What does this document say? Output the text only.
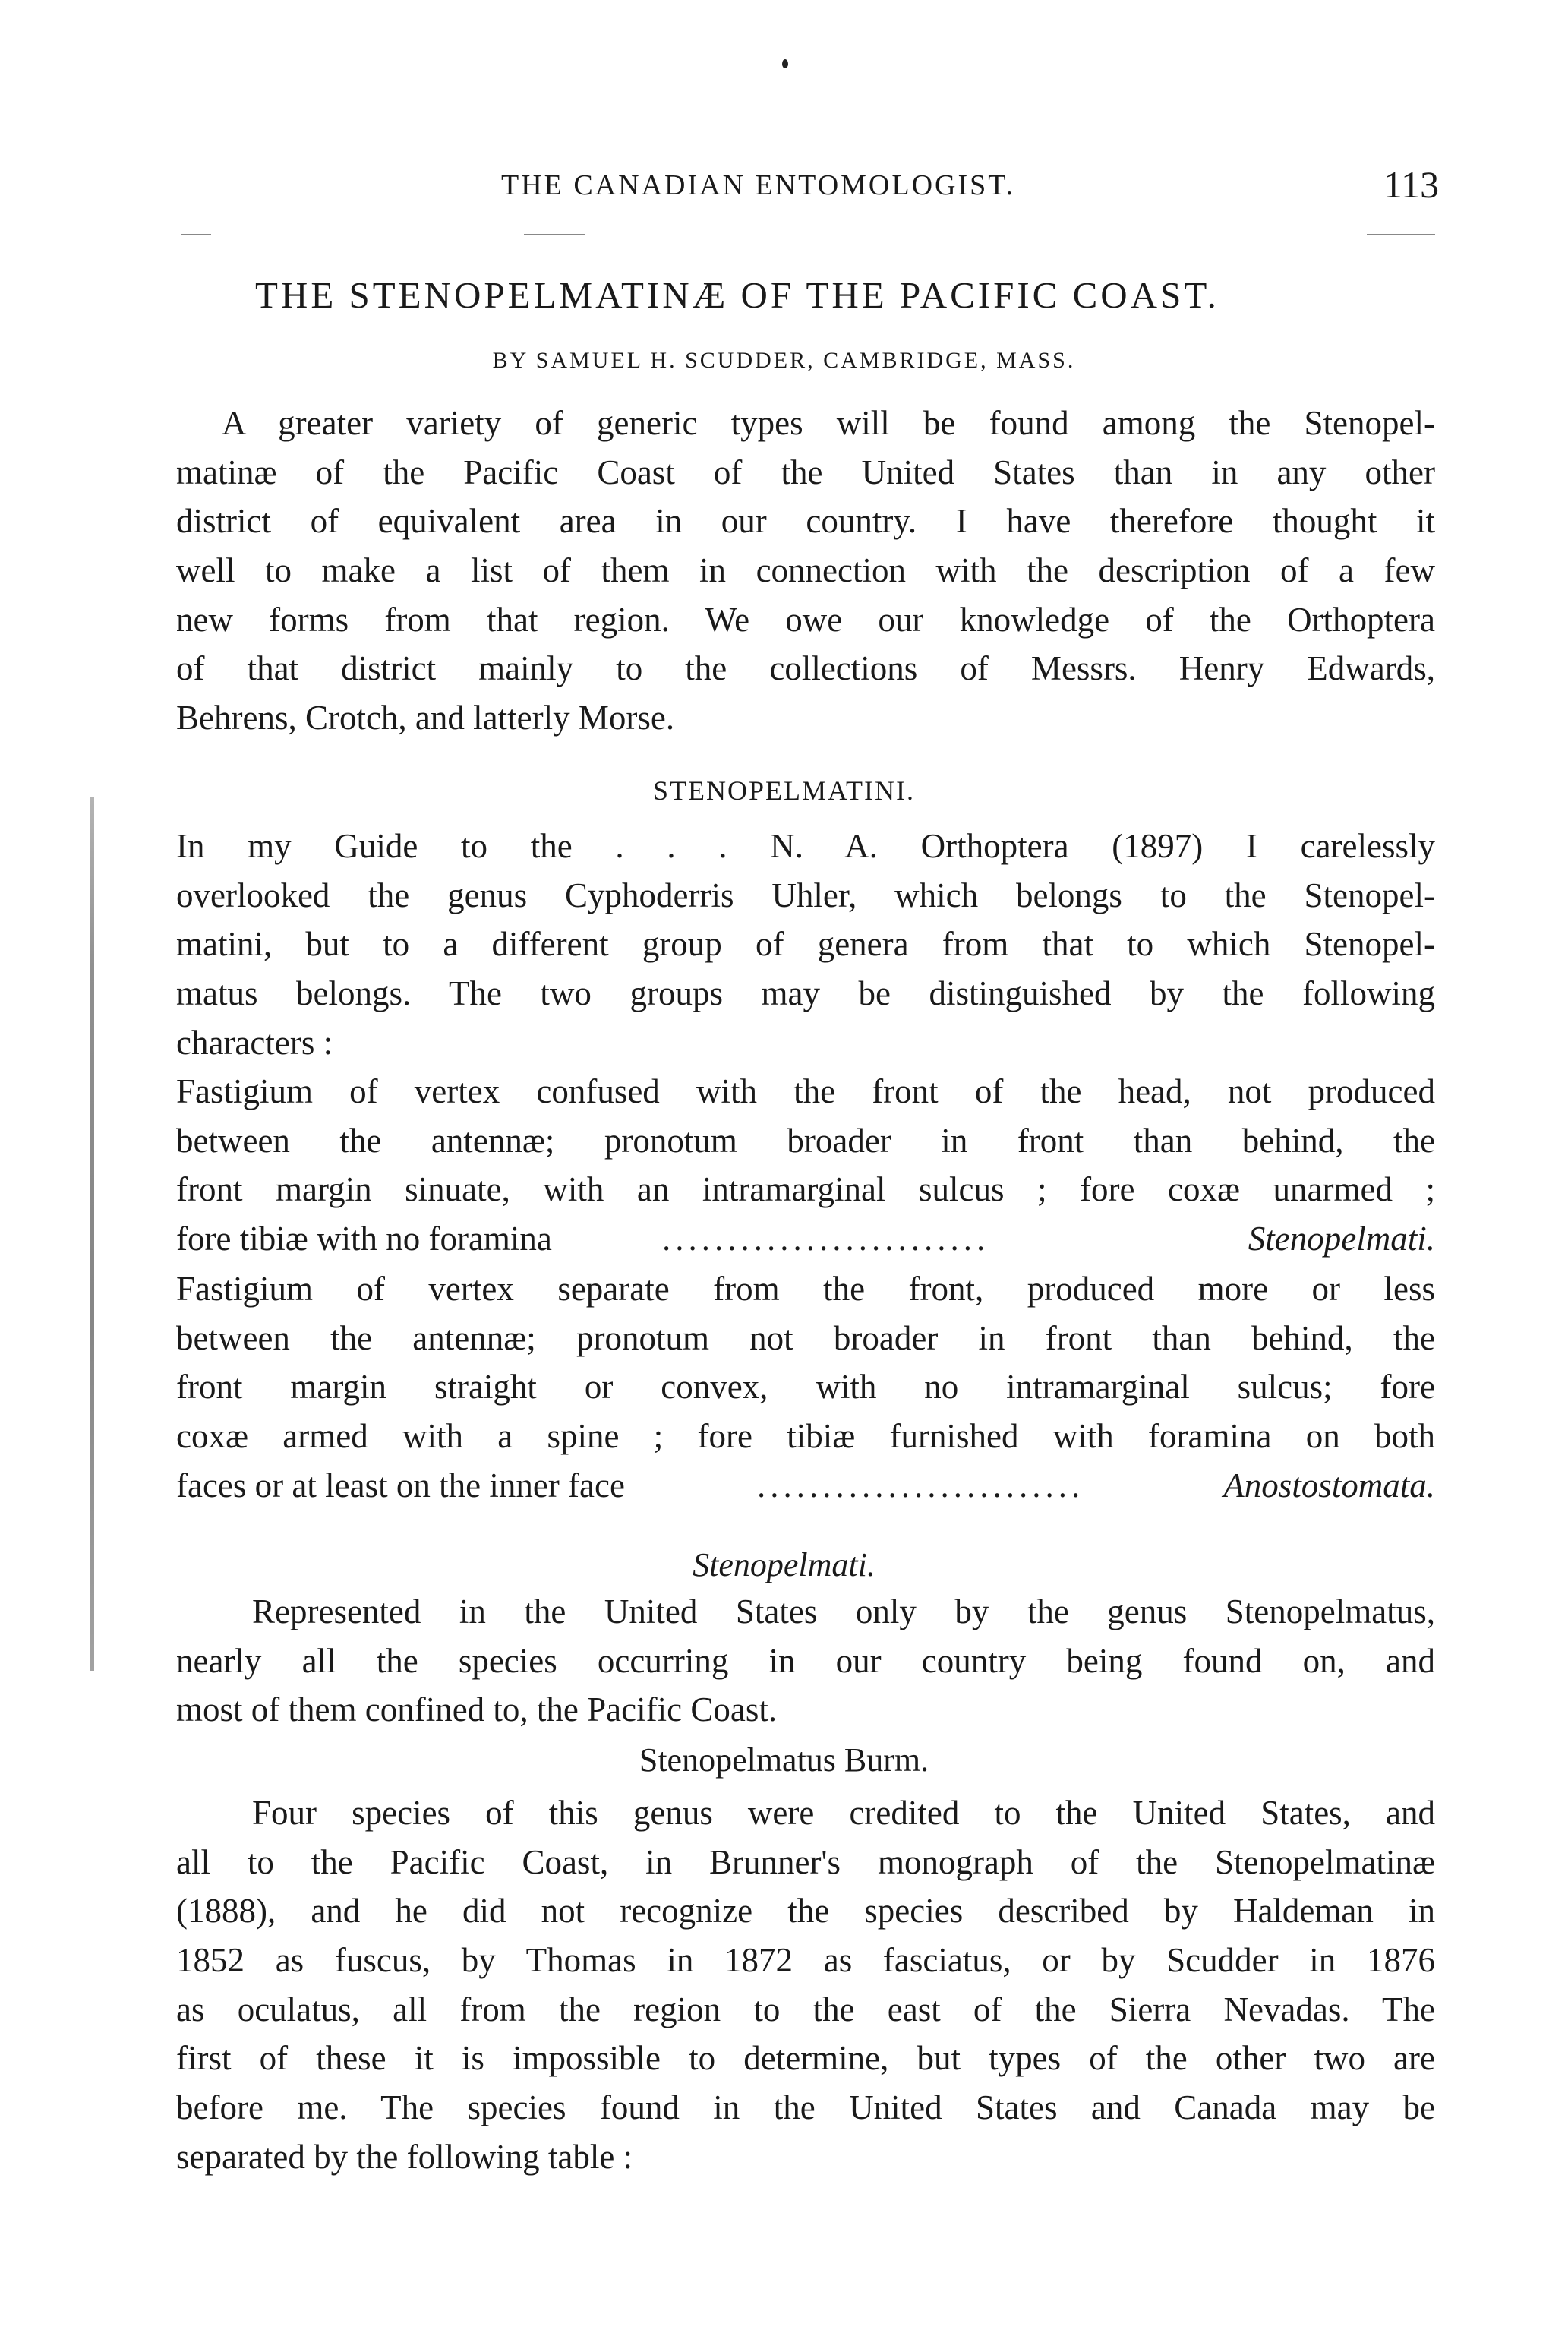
THE CANADIAN ENTOMOLOGIST.	113
THE STENOPELMATINÆ OF THE PACIFIC COAST.
BY SAMUEL H. SCUDDER, CAMBRIDGE, MASS.
A greater variety of generic types will be found among the Stenopel-
matinæ of the Pacific Coast of the United States than in any other
district of equivalent area in our country. I have therefore thought it
well to make a list of them in connection with the description of a few
new forms from that region. We owe our knowledge of the Orthoptera
of that district mainly to the collections of Messrs. Henry Edwards,
Behrens, Crotch, and latterly Morse.
STENOPELMATINI.
In my Guide to the . . . N. A. Orthoptera (1897) I carelessly
overlooked the genus Cyphoderris Uhler, which belongs to the Stenopel-
matini, but to a different group of genera from that to which Stenopel-
matus belongs. The two groups may be distinguished by the following
characters :
Fastigium of vertex confused with the front of the head, not produced
between the antennæ; pronotum broader in front than behind, the
front margin sinuate, with an intramarginal sulcus ; fore coxæ unarmed ;
fore tibiæ with no foramina	.........................	Stenopelmati.
Fastigium of vertex separate from the front, produced more or less
between the antennæ; pronotum not broader in front than behind, the
front margin straight or convex, with no intramarginal sulcus; fore
coxæ armed with a spine ; fore tibiæ furnished with foramina on both
faces or at least on the inner face	.........................	Anostostomata.
Stenopelmati.
Represented in the United States only by the genus Stenopelmatus,
nearly all the species occurring in our country being found on, and
most of them confined to, the Pacific Coast.
Stenopelmatus Burm.
Four species of this genus were credited to the United States, and
all to the Pacific Coast, in Brunner's monograph of the Stenopelmatinæ
(1888), and he did not recognize the species described by Haldeman in
1852 as fuscus, by Thomas in 1872 as fasciatus, or by Scudder in 1876
as oculatus, all from the region to the east of the Sierra Nevadas. The
first of these it is impossible to determine, but types of the other two are
before me. The species found in the United States and Canada may be
separated by the following table :
